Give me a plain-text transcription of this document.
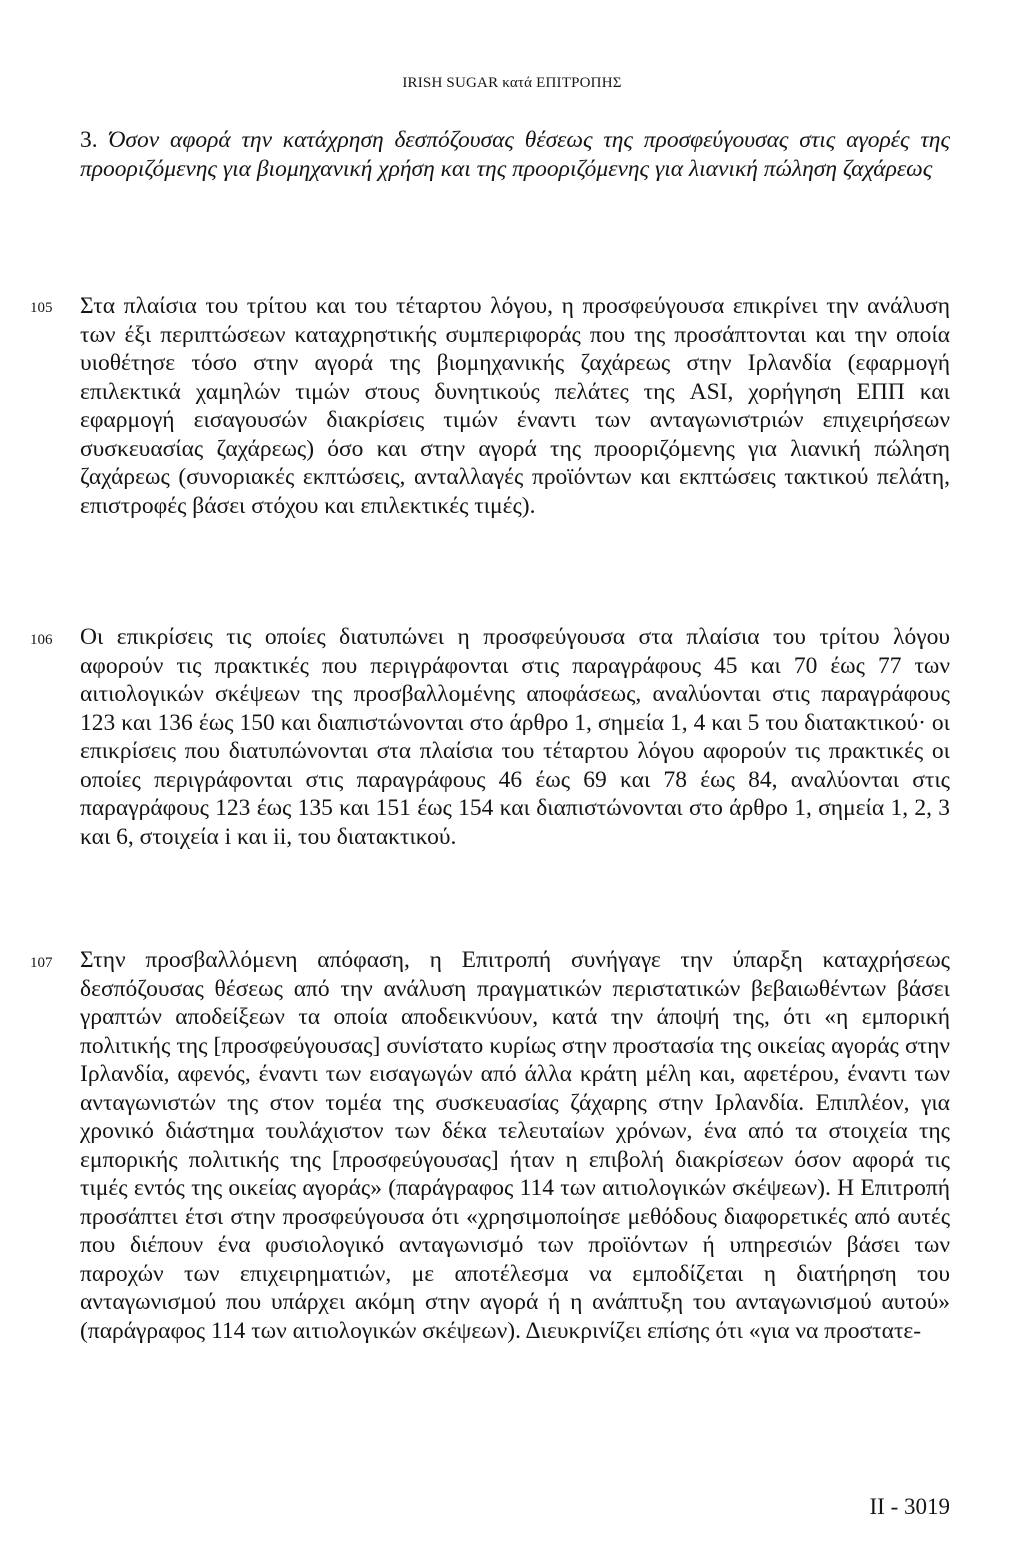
IRISH SUGAR κατά ΕΠΙΤΡΟΠΗΣ
3. Όσον αφορά την κατάχρηση δεσπόζουσας θέσεως της προσφεύγουσας στις αγορές της προοριζόμενης για βιομηχανική χρήση και της προοριζόμενης για λιανική πώληση ζαχάρεως
105 Στα πλαίσια του τρίτου και του τέταρτου λόγου, η προσφεύγουσα επικρίνει την ανάλυση των έξι περιπτώσεων καταχρηστικής συμπεριφοράς που της προσάπτονται και την οποία υιοθέτησε τόσο στην αγορά της βιομηχανικής ζαχάρεως στην Ιρλανδία (εφαρμογή επιλεκτικά χαμηλών τιμών στους δυνητικούς πελάτες της ASI, χορήγηση ΕΠΠ και εφαρμογή εισαγουσών διακρίσεις τιμών έναντι των ανταγωνιστριών επιχειρήσεων συσκευασίας ζαχάρεως) όσο και στην αγορά της προοριζόμενης για λιανική πώληση ζαχάρεως (συνοριακές εκπτώσεις, ανταλλαγές προϊόντων και εκπτώσεις τακτικού πελάτη, επιστροφές βάσει στόχου και επιλεκτικές τιμές).
106 Οι επικρίσεις τις οποίες διατυπώνει η προσφεύγουσα στα πλαίσια του τρίτου λόγου αφορούν τις πρακτικές που περιγράφονται στις παραγράφους 45 και 70 έως 77 των αιτιολογικών σκέψεων της προσβαλλομένης αποφάσεως, αναλύονται στις παραγράφους 123 και 136 έως 150 και διαπιστώνονται στο άρθρο 1, σημεία 1, 4 και 5 του διατακτικού· οι επικρίσεις που διατυπώνονται στα πλαίσια του τέταρτου λόγου αφορούν τις πρακτικές οι οποίες περιγράφονται στις παραγράφους 46 έως 69 και 78 έως 84, αναλύονται στις παραγράφους 123 έως 135 και 151 έως 154 και διαπιστώνονται στο άρθρο 1, σημεία 1, 2, 3 και 6, στοιχεία i και ii, του διατακτικού.
107 Στην προσβαλλόμενη απόφαση, η Επιτροπή συνήγαγε την ύπαρξη καταχρήσεως δεσπόζουσας θέσεως από την ανάλυση πραγματικών περιστατικών βεβαιωθέντων βάσει γραπτών αποδείξεων τα οποία αποδεικνύουν, κατά την άποψή της, ότι «η εμπορική πολιτικής της [προσφεύγουσας] συνίστατο κυρίως στην προστασία της οικείας αγοράς στην Ιρλανδία, αφενός, έναντι των εισαγωγών από άλλα κράτη μέλη και, αφετέρου, έναντι των ανταγωνιστών της στον τομέα της συσκευασίας ζάχαρης στην Ιρλανδία. Επιπλέον, για χρονικό διάστημα τουλάχιστον των δέκα τελευταίων χρόνων, ένα από τα στοιχεία της εμπορικής πολιτικής της [προσφεύγουσας] ήταν η επιβολή διακρίσεων όσον αφορά τις τιμές εντός της οικείας αγοράς» (παράγραφος 114 των αιτιολογικών σκέψεων). Η Επιτροπή προσάπτει έτσι στην προσφεύγουσα ότι «χρησιμοποίησε μεθόδους διαφορετικές από αυτές που διέπουν ένα φυσιολογικό ανταγωνισμό των προϊόντων ή υπηρεσιών βάσει των παροχών των επιχειρηματιών, με αποτέλεσμα να εμποδίζεται η διατήρηση του ανταγωνισμού που υπάρχει ακόμη στην αγορά ή η ανάπτυξη του ανταγωνισμού αυτού» (παράγραφος 114 των αιτιολογικών σκέψεων). Διευκρινίζει επίσης ότι «για να προστατε-
II - 3019
